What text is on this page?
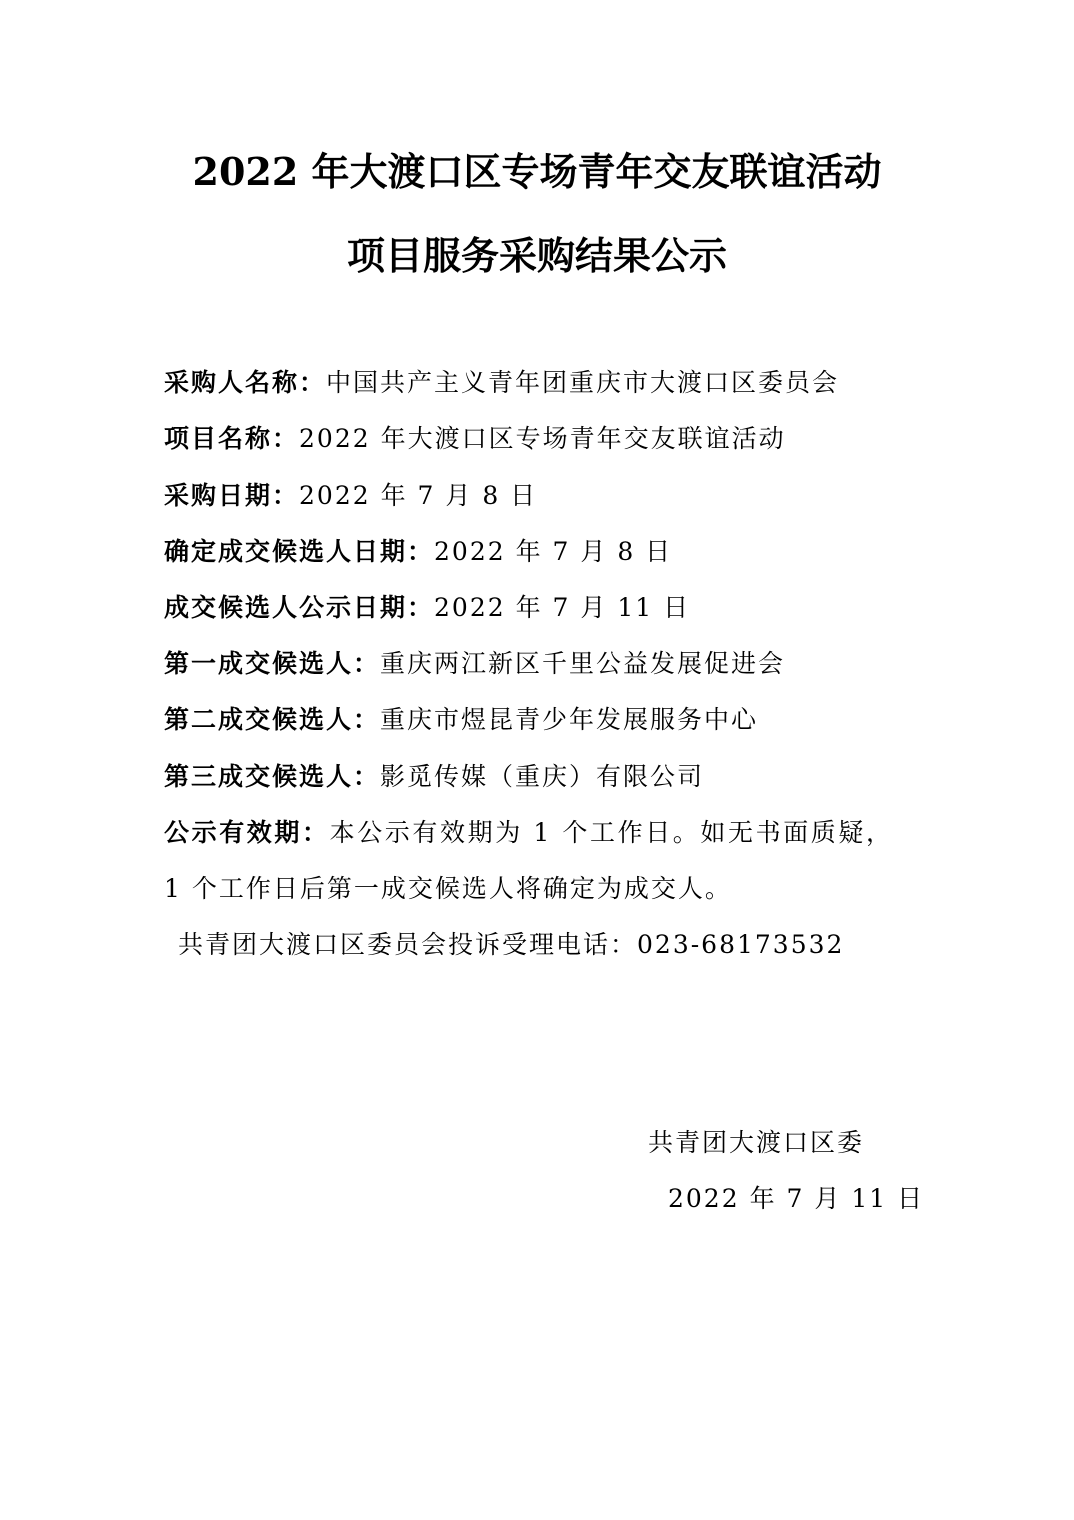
2022 年大渡口区专场青年交友联谊活动
项目服务采购结果公示
采购人名称：中国共产主义青年团重庆市大渡口区委员会
项目名称：2022 年大渡口区专场青年交友联谊活动
采购日期：2022 年 7 月 8 日
确定成交候选人日期：2022 年 7 月 8 日
成交候选人公示日期：2022 年 7 月 11 日
第一成交候选人：重庆两江新区千里公益发展促进会
第二成交候选人：重庆市煜昆青少年发展服务中心
第三成交候选人：影觅传媒（重庆）有限公司
公示有效期：本公示有效期为 1 个工作日。如无书面质疑，
1 个工作日后第一成交候选人将确定为成交人。
共青团大渡口区委员会投诉受理电话：023-68173532
共青团大渡口区委
2022 年 7 月 11 日
